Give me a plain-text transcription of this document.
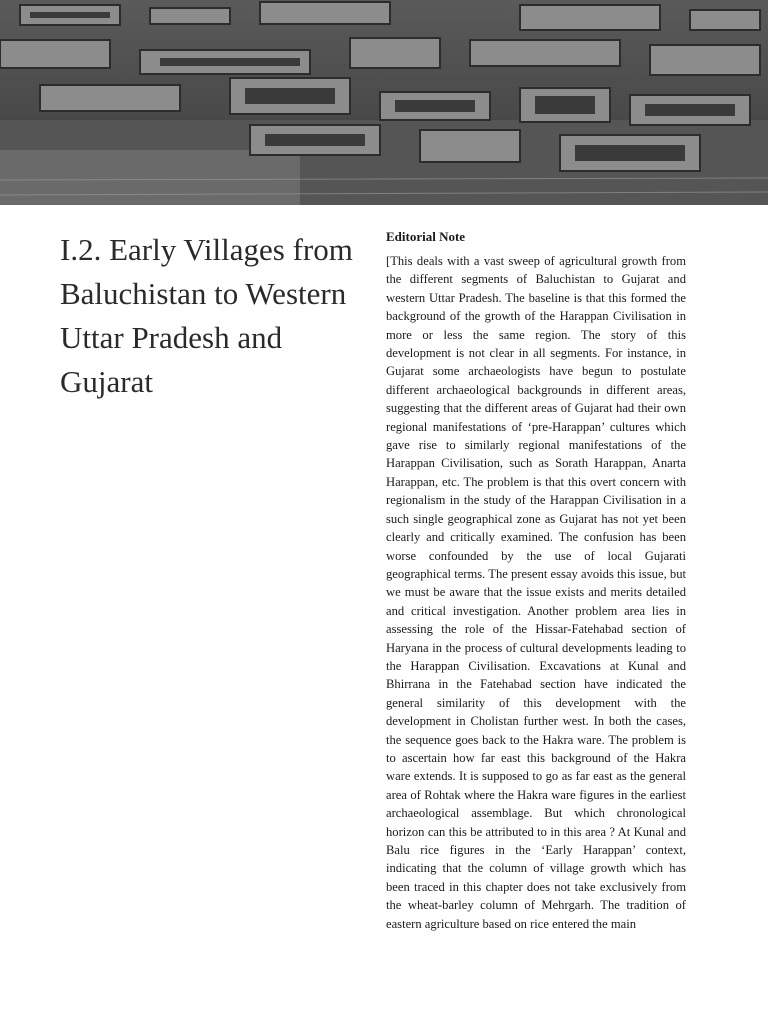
I.2. Early Villages from Baluchistan to Western Uttar Pradesh and Gujarat

Editorial Note

[This deals with a vast sweep of agricultural growth from the different segments of Baluchistan to Gujarat and western Uttar Pradesh. The baseline is that this formed the background of the growth of the Harappan Civilisation in more or less the same region. The story of this development is not clear in all segments. For instance, in Gujarat some archaeologists have begun to postulate different archaeological backgrounds in different areas, suggesting that the different areas of Gujarat had their own regional manifestations of ‘pre-Harappan’ cultures which gave rise to similarly regional manifestations of the Harappan Civilisation, such as Sorath Harappan, Anarta Harappan, etc. The problem is that this overt concern with regionalism in the study of the Harappan Civilisation in a such single geographical zone as Gujarat has not yet been clearly and critically examined. The confusion has been worse confounded by the use of local Gujarati geographical terms. The present essay avoids this issue, but we must be aware that the issue exists and merits detailed and critical investigation. Another problem area lies in assessing the role of the Hissar-Fatehabad section of Haryana in the process of cultural developments leading to the Harappan Civilisation. Excavations at Kunal and Bhirrana in the Fatehabad section have indicated the general similarity of this development with the development in Cholistan further west. In both the cases, the sequence goes back to the Hakra ware. The problem is to ascertain how far east this background of the Hakra ware extends. It is supposed to go as far east as the general area of Rohtak where the Hakra ware figures in the earliest archaeological assemblage. But which chronological horizon can this be attributed to in this area ? At Kunal and Balu rice figures in the ‘Early Harappan’ context, indicating that the column of village growth which has been traced in this chapter does not take exclusively from the wheat-barley column of Mehrgarh. The tradition of eastern agriculture based on rice entered the main
